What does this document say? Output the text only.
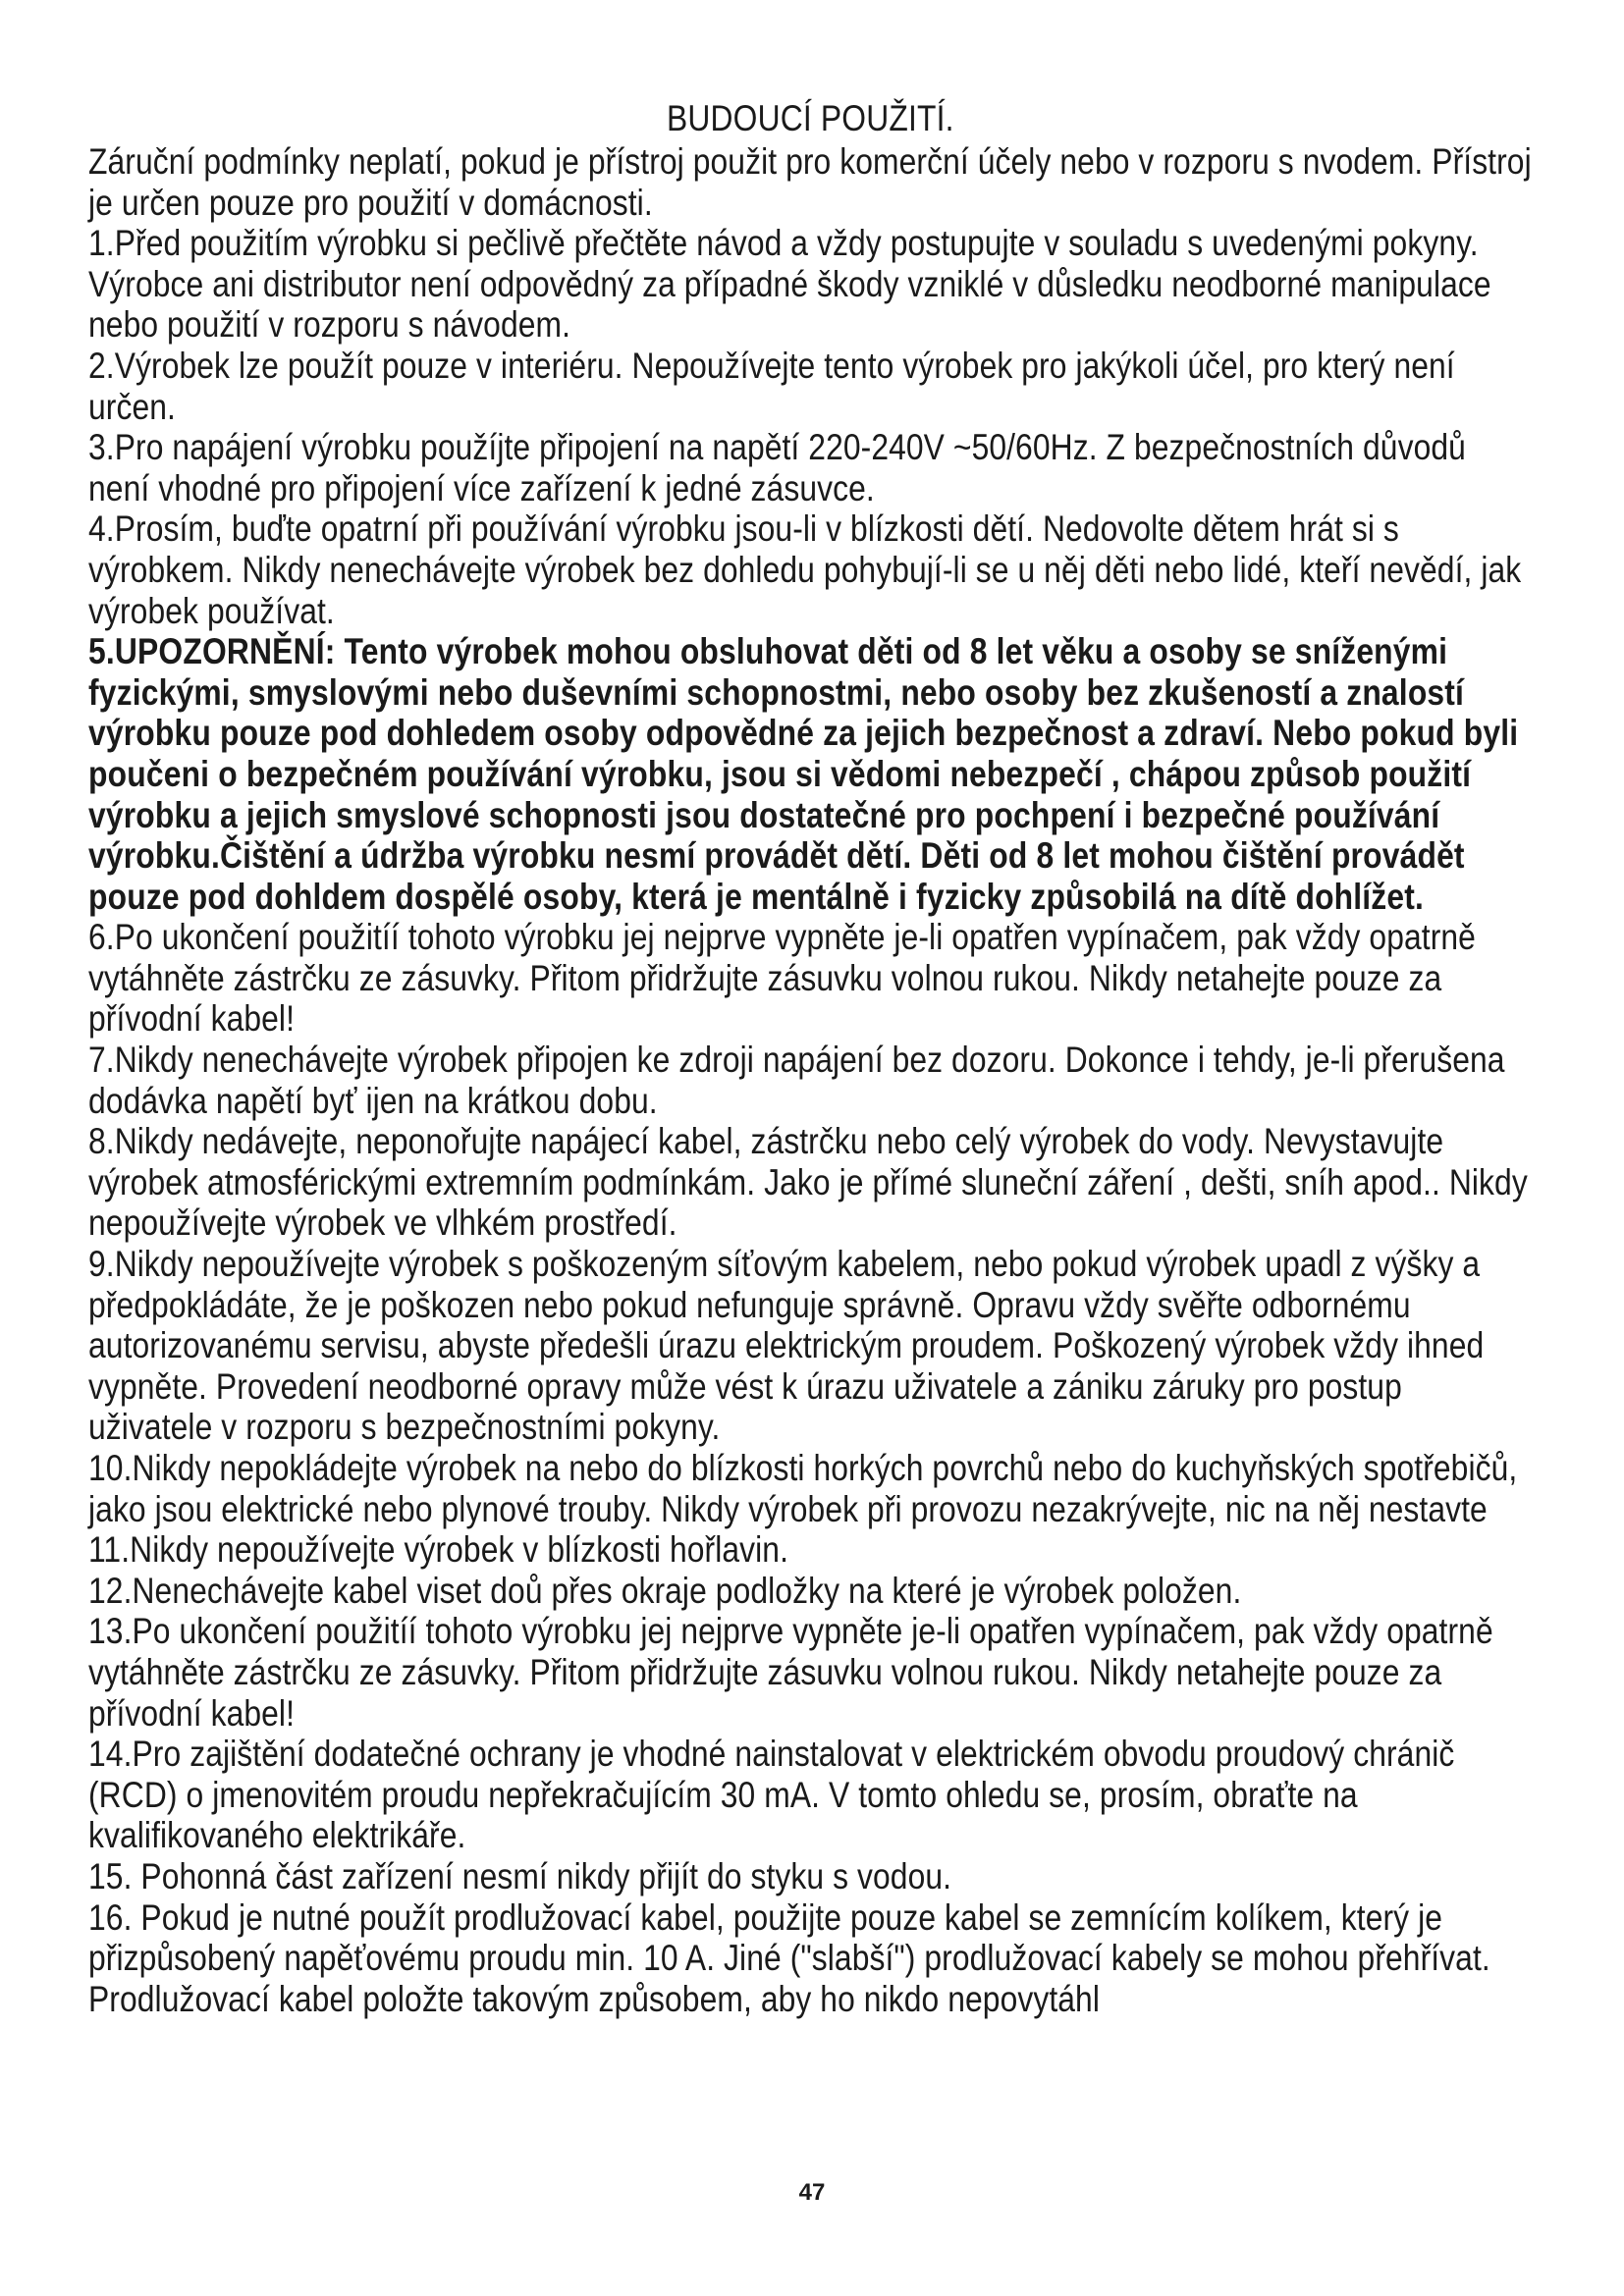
BUDOUCÍ POUŽITÍ.

Záruční podmínky neplatí, pokud je přístroj použit pro komerční účely nebo v rozporu s nvodem. Přístroj je určen pouze pro použití v domácnosti.

1.Před použitím výrobku si pečlivě přečtěte návod a vždy postupujte v souladu s uvedenými pokyny. Výrobce ani distributor není odpovědný za případné škody vzniklé v důsledku neodborné manipulace nebo použití v rozporu s návodem.

2.Výrobek lze použít pouze v interiéru. Nepoužívejte tento výrobek pro jakýkoli účel, pro který není určen.

3.Pro napájení výrobku použíjte připojení na napětí 220-240V ~50/60Hz. Z bezpečnostních důvodů není vhodné pro připojení více zařízení k jedné zásuvce.

4.Prosím, buďte opatrní při používání výrobku jsou-li v blízkosti dětí. Nedovolte dětem hrát si s výrobkem. Nikdy nenechávejte výrobek bez dohledu pohybují-li se u něj děti nebo lidé, kteří nevědí, jak výrobek používat.

5.UPOZORNĚNÍ: Tento výrobek mohou obsluhovat děti od 8 let věku a osoby se sníženými fyzickými, smyslovými nebo duševními schopnostmi, nebo osoby bez zkušeností a znalostí výrobku pouze pod dohledem osoby odpovědné za jejich bezpečnost a zdraví. Nebo pokud byli poučeni o bezpečném používání výrobku, jsou si vědomi nebezpečí , chápou způsob použití výrobku a jejich smyslové schopnosti jsou dostatečné pro pochpení i bezpečné používání výrobku.Čištění a údržba výrobku nesmí provádět dětí. Děti od 8 let mohou čištění provádět pouze pod dohldem dospělé osoby, která je mentálně i fyzicky způsobilá na dítě dohlížet.

6.Po ukončení použitíí tohoto výrobku jej nejprve vypněte je-li opatřen vypínačem, pak vždy opatrně vytáhněte zástrčku ze zásuvky. Přitom přidržujte zásuvku volnou rukou. Nikdy netahejte pouze za přívodní kabel!

7.Nikdy nenechávejte výrobek připojen ke zdroji napájení bez dozoru. Dokonce i tehdy, je-li přerušena dodávka napětí byť ijen na krátkou dobu.

8.Nikdy nedávejte, neponořujte napájecí kabel, zástrčku nebo celý výrobek do vody. Nevystavujte výrobek atmosférickými extremním podmínkám. Jako je přímé sluneční záření , dešti, sníh apod.. Nikdy nepoužívejte výrobek ve vlhkém prostředí.

9.Nikdy nepoužívejte výrobek s poškozeným síťovým kabelem, nebo pokud výrobek upadl z výšky a předpokládáte, že je poškozen nebo pokud nefunguje správně. Opravu vždy svěřte odbornému autorizovanému servisu, abyste předešli úrazu elektrickým proudem. Poškozený výrobek vždy ihned vypněte. Provedení neodborné opravy může vést k úrazu uživatele a zániku záruky pro postup uživatele v rozporu s bezpečnostními pokyny.

10.Nikdy nepokládejte výrobek na nebo do blízkosti horkých povrchů nebo do kuchyňských spotřebičů, jako jsou elektrické nebo plynové trouby. Nikdy výrobek při provozu nezakrývejte, nic na něj nestavte

11.Nikdy nepoužívejte výrobek v blízkosti hořlavin.

12.Nenechávejte kabel viset doů přes okraje podložky na které je výrobek položen.

13.Po ukončení použitíí tohoto výrobku jej nejprve vypněte je-li opatřen vypínačem, pak vždy opatrně vytáhněte zástrčku ze zásuvky. Přitom přidržujte zásuvku volnou rukou. Nikdy netahejte pouze za přívodní kabel!

14.Pro zajištění dodatečné ochrany je vhodné nainstalovat v elektrickém obvodu proudový chránič (RCD) o jmenovitém proudu nepřekračujícím 30 mA. V tomto ohledu se, prosím, obraťte na kvalifikovaného elektrikáře.

15. Pohonná část zařízení nesmí nikdy přijít do styku s vodou.

16. Pokud je nutné použít prodlužovací kabel, použijte pouze kabel se zemnícím kolíkem, který je přizpůsobený napěťovému proudu min. 10 A. Jiné ("slabší") prodlužovací kabely se mohou přehřívat. Prodlužovací kabel položte takovým způsobem, aby ho nikdo nepovytáhl

47
